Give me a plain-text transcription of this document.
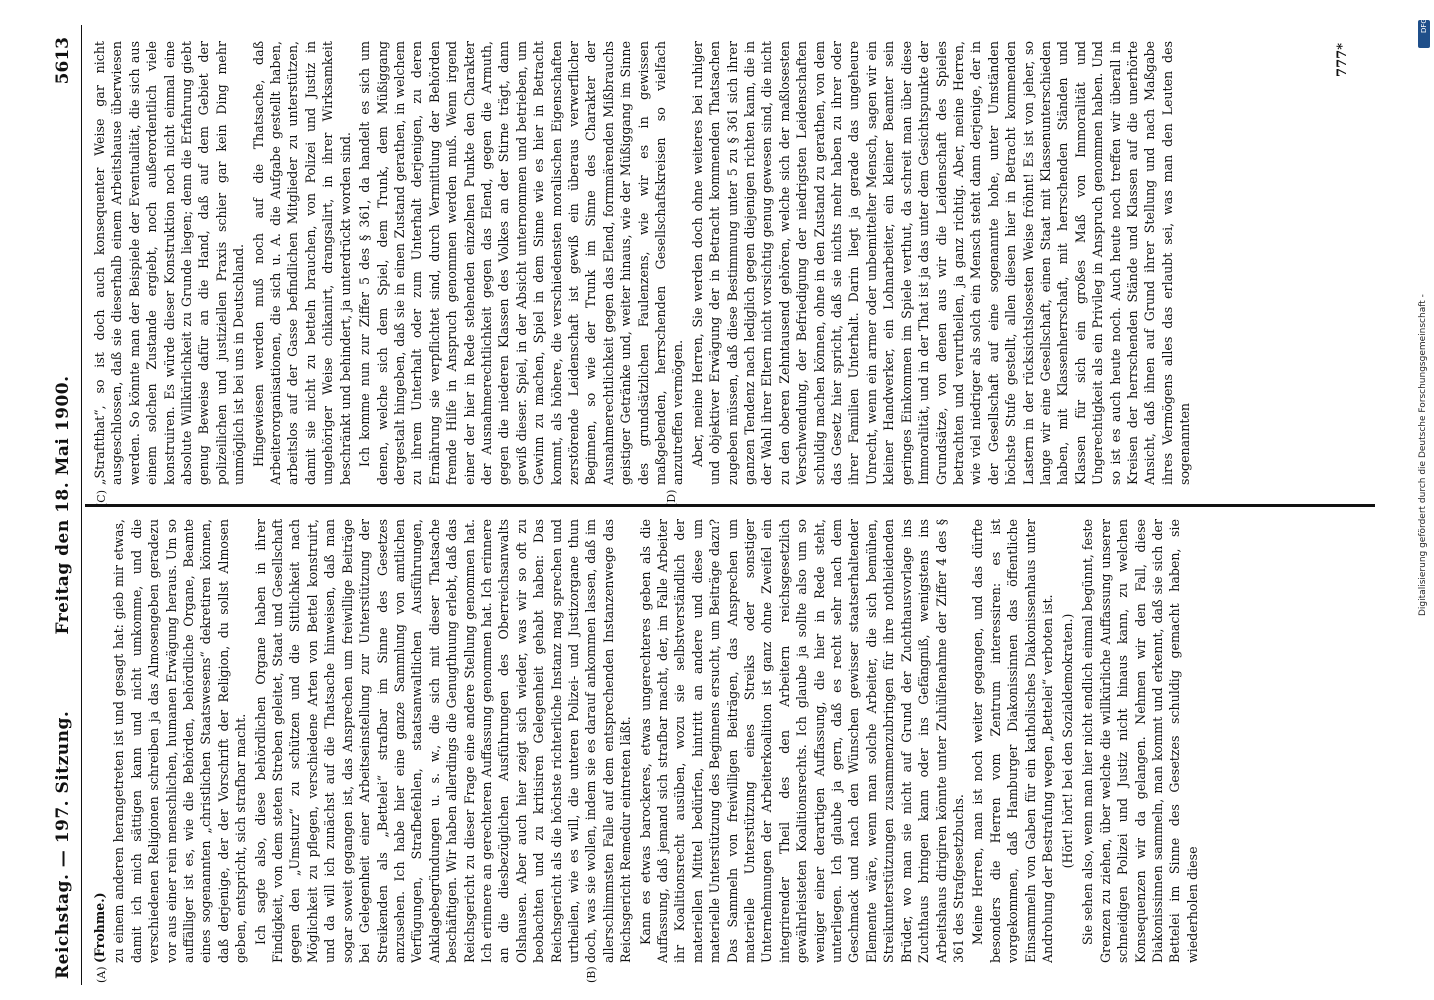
Reichstag. — 197. Sitzung.
Freitag den 18. Mai 1900.
5613
(A)	(B)
(C)	(D)

(Frohme.) zu einem anderen herangetreten ist und gesagt hat: gieb mir etwas, damit ich mich sättigen kann und nicht umkomme, und die verschiedenen Religionen schreiben ja das Almosengeben geradezu vor aus einer rein menschlichen, humanen Erwägung heraus. Um so auffälliger ist es, wie die Behörden, behördliche Organe, Beamte eines sogenannten „christlichen Staatswesens“ dekretiren können, daß derjenige, der der Vorschrift der Religion, du sollst Almosen geben, entspricht, sich strafbar macht. Ich sagte also, diese behördlichen Organe haben in ihrer Findigkeit, von dem steten Streben geleitet, Staat und Gesellschaft gegen den „Umsturz“ zu schützen und die Sittlichkeit nach Möglichkeit zu pflegen, verschiedene Arten von Bettel konstruirt, und da will ich zunächst auf die Thatsache hinweisen, daß man sogar soweit gegangen ist, das Ansprechen um freiwillige Beiträge bei Gelegenheit einer Arbeitseinstellung zur Unterstützung der Streikenden als „Bettelei“ strafbar im Sinne des Gesetzes anzusehen. Ich habe hier eine ganze Sammlung von amtlichen Verfügungen, Strafbefehlen, staatsanwaltlichen Ausführungen, Anklagebegründungen u. s. w., die sich mit dieser Thatsache beschäftigen. Wir haben allerdings die Genugthuung erlebt, daß das Reichsgericht zu dieser Frage eine andere Stellung genommen hat. Ich erinnere an gerechteren Auffassung genommen hat. Ich erinnere an die diesbezüglichen Ausführungen des Oberreichsanwalts Olshausen. Aber auch hier zeigt sich wieder, was wir so oft zu beobachten und zu kritisiren Gelegenheit gehabt haben: Das Reichsgericht als die höchste richterliche Instanz mag sprechen und urtheilen, wie es will, die unteren Polizei- und Justizorgane thun doch, was sie wollen, indem sie es darauf ankommen lassen, daß im allerschlimmsten Falle auf dem entsprechenden Instanzenwege das Reichsgericht Remedur eintreten läßt. Kann es etwas barockeres, etwas ungerechteres geben als die Auffassung, daß jemand sich strafbar macht, der, im Falle Arbeiter ihr Koalitionsrecht ausüben, wozu sie selbstverständlich der materiellen Mittel bedürfen, hintritt an andere und diese um materielle Unterstützung des Beginnens ersucht, um Beiträge dazu? Das Sammeln von freiwilligen Beiträgen, das Ansprechen um materielle Unterstützung eines Streiks oder sonstiger Unternehmungen der Arbeiterkoalition ist ganz ohne Zweifel ein integrirender Theil des den Arbeitern reichsgesetzlich gewährleisteten Koalitionsrechts. Ich glaube ja sollte also um so weniger einer derartigen Auffassung, die hier in Rede steht, unterliegen. Ich glaube ja gern, daß es recht sehr nach dem Geschmack und nach den Wünschen gewisser staatserhaltender Elemente wäre, wenn man solche Arbeiter, die sich bemühen, Streikunterstützungen zusammenzubringen für ihre nothleidenden Brüder, wo man sie nicht auf Grund der Zuchthausvorlage ins Zuchthaus bringen kann oder ins Gefängniß, wenigstens ins Arbeitshaus dirigiren könnte unter Zuhülfenahme der Ziffer 4 des § 361 des Strafgesetzbuchs. Meine Herren, man ist noch weiter gegangen, und das dürfte besonders die Herren vom Zentrum interessiren: es ist vorgekommen, daß Hamburger Diakonissinnen das öffentliche Einsammeln von Gaben für ein katholisches Diakonissenhaus unter Androhung der Bestrafung wegen „Bettelei“ verboten ist. (Hört! hört! bei den Sozialdemokraten.) Sie sehen also, wenn man hier nicht endlich einmal begünnt, feste Grenzen zu ziehen, über welche die willkürliche Auffassung unserer schneidigen Polizei und Justiz nicht hinaus kann, zu welchen Konsequenzen wir da gelangen. Nehmen wir den Fall, diese Diakonissinnen sammeln, man kommt und erkennt, daß sie sich der Bettelei im Sinne des Gesetzes schuldig gemacht haben, sie wiederholen diese

„Straftthat“, so ist doch auch konsequenter Weise gar nicht ausgeschlossen, daß sie dieserhalb einem Arbeitshause überwiesen werden. So könnte man der Beispiele der Eventualität, die sich aus einem solchen Zustande ergiebt, noch außerordentlich viele konstruiren. Es würde dieser Konstruktion noch nicht einmal eine absolute Willkürlichkeit zu Grunde liegen; denn die Erfahrung giebt genug Beweise dafür an die Hand, daß auf dem Gebiet der polizeilichen und justiziellen Praxis schier gar kein Ding mehr unmöglich ist bei uns in Deutschland. Hingewiesen werden muß noch auf die Thatsache, daß Arbeiterorganisationen, die sich u. A. die Aufgabe gestellt haben, arbeitslos auf der Gasse befindlichen Mitglieder zu unterstützen, damit sie nicht zu betteln brauchen, von Polizei und Justiz in ungehöriger Weise chikanirt, drangsalirt, in ihrer Wirksamkeit beschränkt und behindert, ja unterdrückt worden sind. Ich komme nun zur Ziffer 5 des § 361, da handelt es sich um denen, welche sich dem Spiel, dem Trunk, dem Müßiggang dergestalt hingeben, daß sie in einen Zustand gerathen, in welchem zu ihrem Unterhalt oder zum Unterhalt derjenigen, zu deren Ernährung sie verpflichtet sind, durch Vermittlung der Behörden fremde Hilfe in Anspruch genommen werden muß. Wenn irgend einer der hier in Rede stehenden einzelnen Punkte den Charakter der Ausnahmerechtlichkeit gegen das Elend, gegen die Armuth, gegen die niederen Klassen des Volkes an der Stirne trägt, dann gewiß dieser. Spiel, in der Absicht unternommen und betrieben, um Gewinn zu machen, Spiel in dem Sinne wie es hier in Betracht kommt, als höhere, die verschiedensten moralischen Eigenschaften zerstörende Leidenschaft ist gewiß ein überaus verwerflicher Beginnen, so wie der Trunk im Sinne des Charakter der Ausnahmerechtlichkeit gegen das Elend, formmärenden Mißbrauchs geistiger Getränke und, weiter hinaus, wie der Müßiggang im Sinne des grundsätzlichen Faulenzens, wie wir es in gewissen maßgebenden, herrschenden Gesellschaftskreisen so vielfach anzutreffen vermögen. Aber, meine Herren, Sie werden doch ohne weiteres bei ruhiger und objektiver Erwägung der in Betracht kommenden Thatsachen zugeben müssen, daß diese Bestimmung unter 5 zu § 361 sich ihrer ganzen Tendenz nach lediglich gegen diejenigen richten kann, die in der Wahl ihrer Eltern nicht vorsichtig genug gewesen sind, die nicht zu den oberen Zehntausend gehören, welche sich der maßlosesten Verschwendung, der Befriedigung der niedrigsten Leidenschaften schuldig machen können, ohne in den Zustand zu gerathen, von dem das Gesetz hier spricht, daß sie nichts mehr haben zu ihrer oder ihrer Familien Unterhalt. Darin liegt ja gerade das ungeheure Unrecht, wenn ein armer oder unbemittelter Mensch, sagen wir ein kleiner Handwerker, ein Lohnarbeiter, ein kleiner Beamter sein geringes Einkommen im Spiele verthut, da schreit man über diese Immoralität, und in der That ist ja das unter dem Gesichtspunkte der Grundsätze, von denen aus wir die Leidenschaft des Spieles betrachten und verurtheilen, ja ganz richtig. Aber, meine Herren, wie viel niedriger als solch ein Mensch steht dann derjenige, der in der Gesellschaft auf eine sogenannte hohe, unter Umständen höchste Stufe gestellt, allen diesen hier in Betracht kommenden Lastern in der rücksichtslosesten Weise fröhnt! Es ist von jeher, so lange wir eine Gesellschaft, einen Staat mit Klassenunterschieden haben, mit Klassenherrschaft, mit herrschenden Ständen und Klassen für sich ein großes Maß von Immoralität und Ungerechtigkeit als ein Privileg in Anspruch genommen haben. Und so ist es auch heute noch. Auch heute noch treffen wir überall in Kreisen der herrschenden Stände und Klassen auf die unerhörte Ansicht, daß ihnen auf Grund ihrer Stellung und nach Maßgabe ihres Vermögens alles das erlaubt sei, was man den Leuten des sogenannten

777*
DFG
Digitalisierung gefördert durch die Deutsche Forschungsgemeinschaft -
